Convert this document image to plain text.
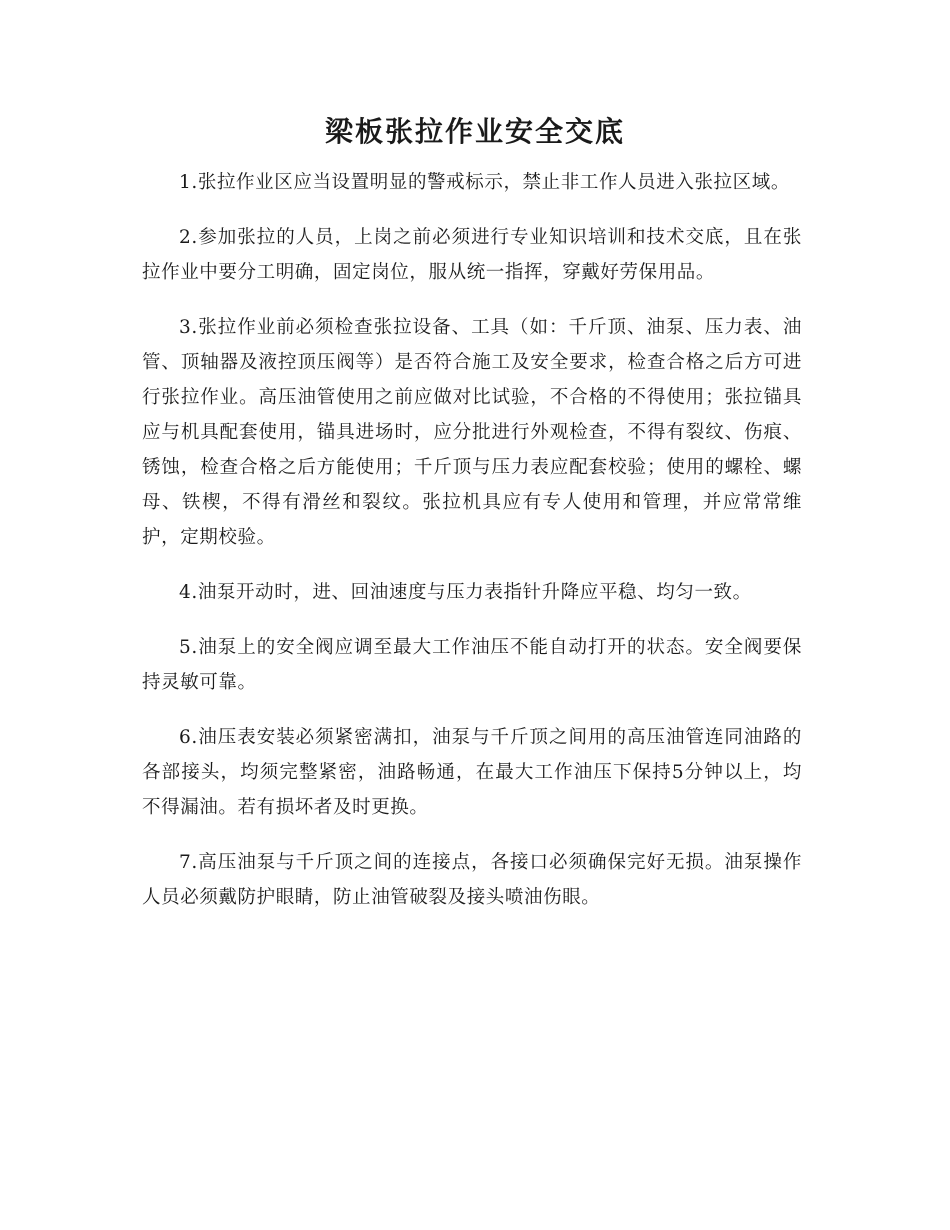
梁板张拉作业安全交底

1.张拉作业区应当设置明显的警戒标示，禁止非工作人员进入张拉区域。

2.参加张拉的人员，上岗之前必须进行专业知识培训和技术交底，且在张拉作业中要分工明确，固定岗位，服从统一指挥，穿戴好劳保用品。

3.张拉作业前必须检查张拉设备、工具（如：千斤顶、油泵、压力表、油管、顶轴器及液控顶压阀等）是否符合施工及安全要求，检查合格之后方可进行张拉作业。高压油管使用之前应做对比试验，不合格的不得使用；张拉锚具应与机具配套使用，锚具进场时，应分批进行外观检查，不得有裂纹、伤痕、锈蚀，检查合格之后方能使用；千斤顶与压力表应配套校验；使用的螺栓、螺母、铁楔，不得有滑丝和裂纹。张拉机具应有专人使用和管理，并应常常维护，定期校验。

4.油泵开动时，进、回油速度与压力表指针升降应平稳、均匀一致。

5.油泵上的安全阀应调至最大工作油压不能自动打开的状态。安全阀要保持灵敏可靠。

6.油压表安装必须紧密满扣，油泵与千斤顶之间用的高压油管连同油路的各部接头，均须完整紧密，油路畅通，在最大工作油压下保持5分钟以上，均不得漏油。若有损坏者及时更换。

7.高压油泵与千斤顶之间的连接点，各接口必须确保完好无损。油泵操作人员必须戴防护眼睛，防止油管破裂及接头喷油伤眼。
